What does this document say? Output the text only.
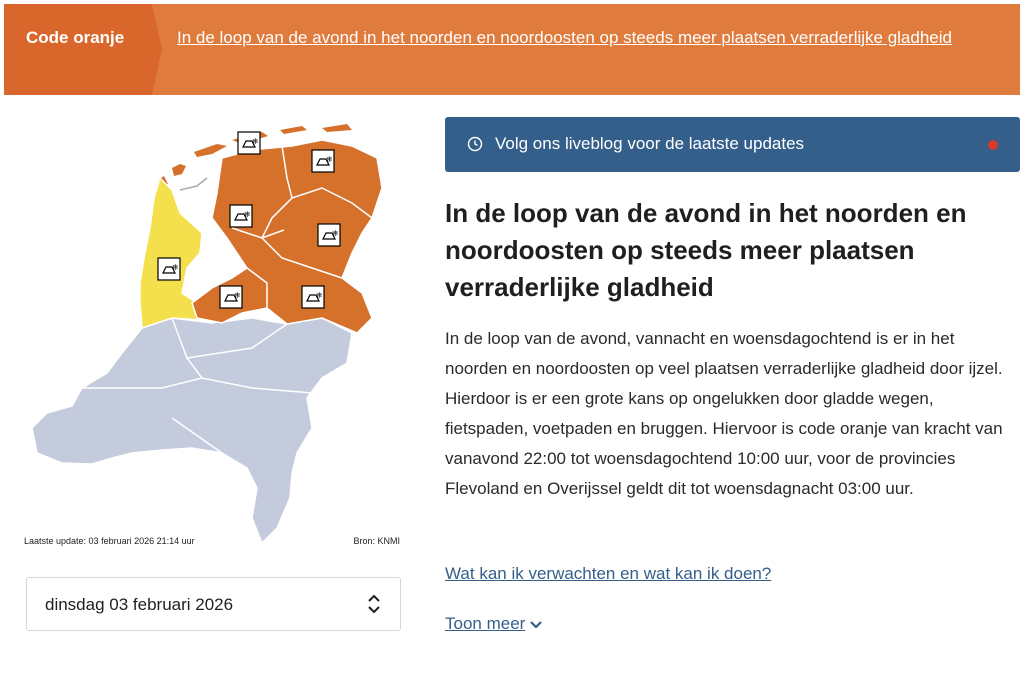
Code oranje	In de loop van de avond in het noorden en noordoosten op steeds meer plaatsen verraderlijke gladheid
❄
❄
❄
❄
❄
❄	❄
Laatste update: 03 februari 2026 21:14 uur	Bron: KNMI
dinsdag 03 februari 2026
Volg ons liveblog voor de laatste updates
In de loop van de avond in het noorden en noordoosten op steeds meer plaatsen verraderlijke gladheid

In de loop van de avond, vannacht en woensdagochtend is er in het noorden en noordoosten op veel plaatsen verraderlijke gladheid door ijzel. Hierdoor is er een grote kans op ongelukken door gladde wegen, fietspaden, voetpaden en bruggen. Hiervoor is code oranje van kracht van vanavond 22:00 tot woensdagochtend 10:00 uur, voor de provincies Flevoland en Overijssel geldt dit tot woensdagnacht 03:00 uur.

Wat kan ik verwachten en wat kan ik doen?
Toon meer
